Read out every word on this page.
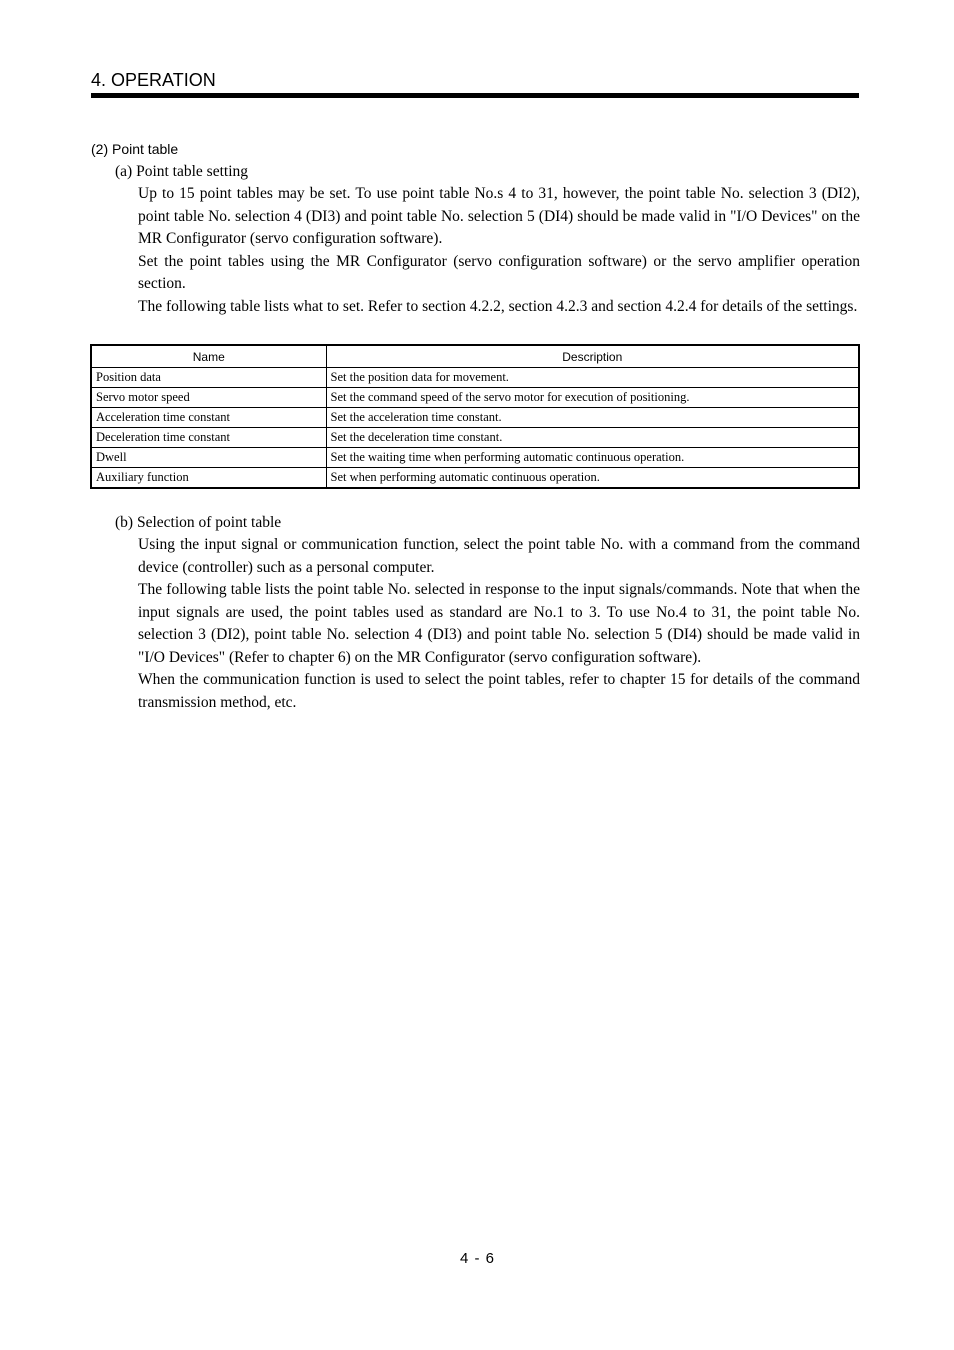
4. OPERATION
(2) Point table
(a) Point table setting

Up to 15 point tables may be set. To use point table No.s 4 to 31, however, the point table No. selection 3 (DI2), point table No. selection 4 (DI3) and point table No. selection 5 (DI4) should be made valid in "I/O Devices" on the MR Configurator (servo configuration software).

Set the point tables using the MR Configurator (servo configuration software) or the servo amplifier operation section.

The following table lists what to set. Refer to section 4.2.2, section 4.2.3 and section 4.2.4 for details of the settings.

Name	Description
Position data	Set the position data for movement.
Servo motor speed	Set the command speed of the servo motor for execution of positioning.
Acceleration time constant	Set the acceleration time constant.
Deceleration time constant	Set the deceleration time constant.
Dwell	Set the waiting time when performing automatic continuous operation.
Auxiliary function	Set when performing automatic continuous operation.
(b) Selection of point table

Using the input signal or communication function, select the point table No. with a command from the command device (controller) such as a personal computer.

The following table lists the point table No. selected in response to the input signals/commands. Note that when the input signals are used, the point tables used as standard are No.1 to 3. To use No.4 to 31, the point table No. selection 3 (DI2), point table No. selection 4 (DI3) and point table No. selection 5 (DI4) should be made valid in "I/O Devices" (Refer to chapter 6) on the MR Configurator (servo configuration software).

When the communication function is used to select the point tables, refer to chapter 15 for details of the command transmission method, etc.

4 - 6
